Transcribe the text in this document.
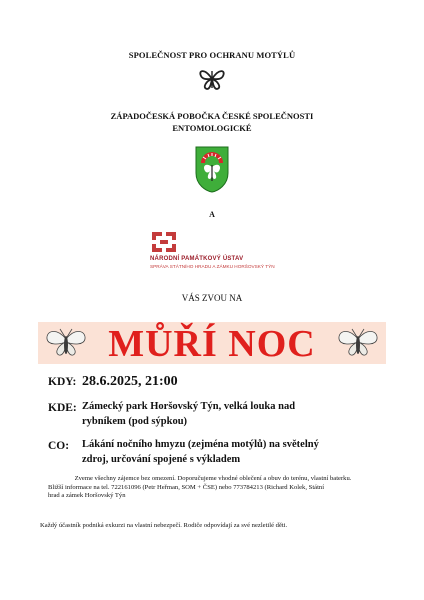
SPOLEČNOST PRO OCHRANU MOTÝLŮ
ZÁPADOČESKÁ POBOČKA ČESKÉ SPOLEČNOSTI
ENTOMOLOGICKÉ
A
NÁRODNÍ PAMÁTKOVÝ ÚSTAV
SPRÁVA STÁTNÍHO HRADU A ZÁMKU HORŠOVSKÝ TÝN
VÁS ZVOU NA
MŮŘÍ NOC
KDY: 28.6.2025, 21:00
KDE: Zámecký park Horšovský Týn, velká louka nad
rybníkem (pod sýpkou)
CO: Lákání nočního hmyzu (zejména motýlů) na světelný
zdroj, určování spojené s výkladem
Zveme všechny zájemce bez omezení. Doporučujeme vhodné oblečení a obuv do terénu, vlastní baterku.
Bližší informace na tel. 722161096 (Petr Heřman, SOM + ČSE) nebo 773784213 (Richard Kolek, Státní
hrad a zámek Horšovský Týn
Každý účastník podniká exkurzi na vlastní nebezpečí. Rodiče odpovídají za své nezletilé děti.
